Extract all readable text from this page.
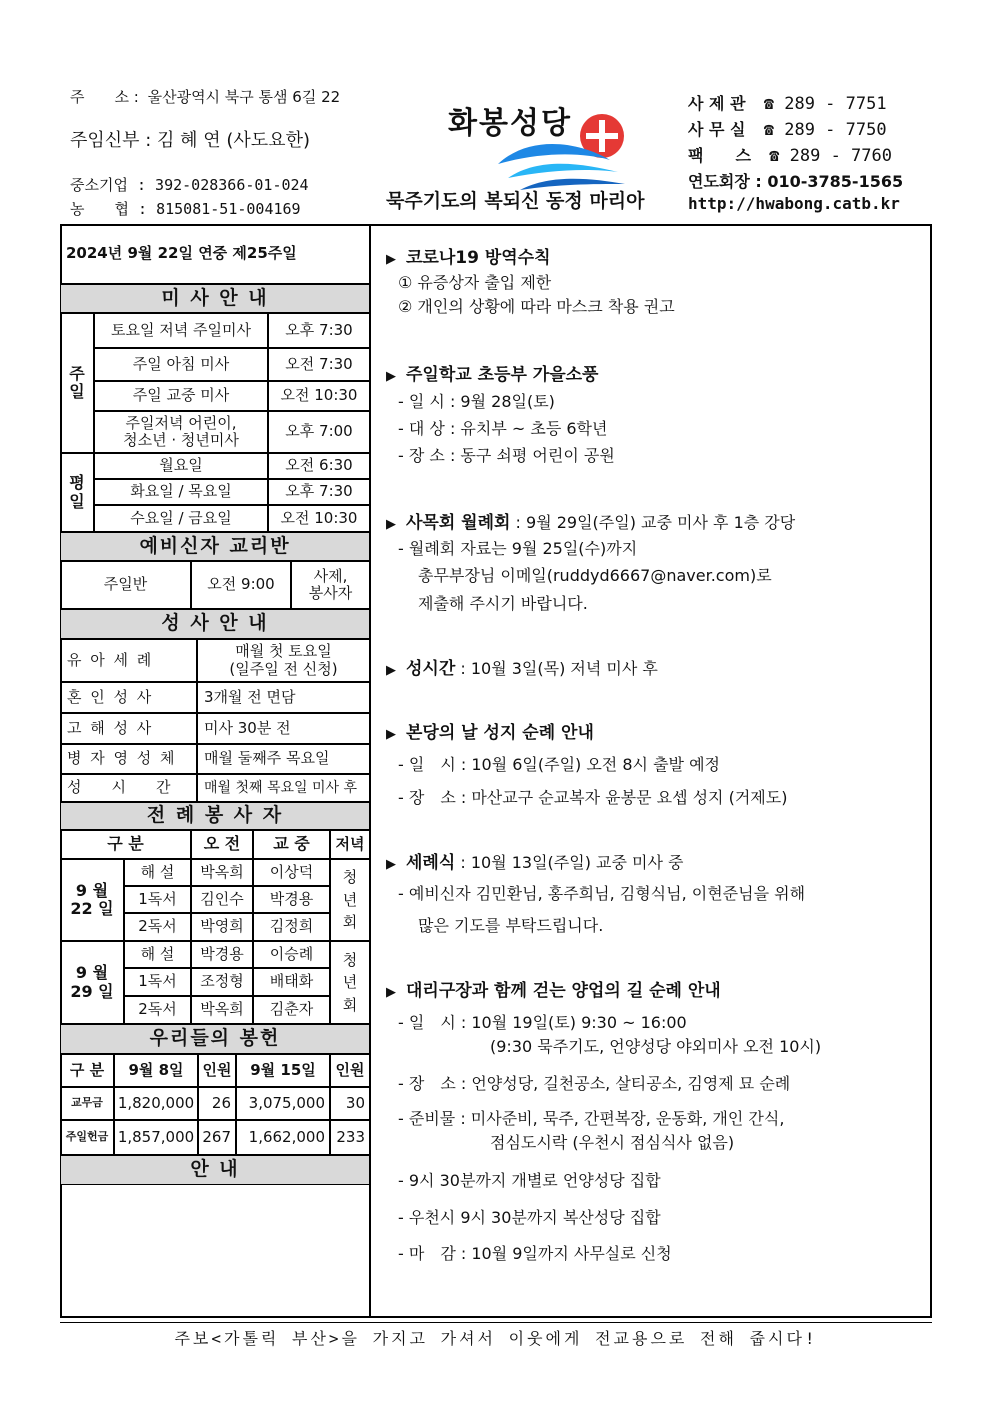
주　　소 : 울산광역시 북구 통샘 6길 22
주임신부 : 김 혜 연 (사도요한)
중소기업 : 392-028366-01-024
농　　협 : 815081-51-004169
화봉성당
묵주기도의 복되신 동정 마리아
사 제 관 ☎ 289 - 7751
사 무 실 ☎ 289 - 7750
팩　　스 ☎ 289 - 7760
연도회장 : 010-3785-1565
http://hwabong.catb.kr
2024년 9월 22일 연중 제25주일
미 사 안 내
주
일
토요일 저녁 주일미사	오후 7:30
주일 아침 미사	오전 7:30
주일 교중 미사	오전 10:30
주일저녁 어린이,
청소년 · 청년미사	오후 7:00
평
일
월요일	오전 6:30
화요일 / 목요일	오후 7:30
수요일 / 금요일	오전 10:30
예비신자 교리반
주일반	오전 9:00	사제,
봉사자
성 사 안 내
유 아 세 례	매월 첫 토요일
(일주일 전 신청)
혼 인 성 사	3개월 전 면담
고 해 성 사	미사 30분 전
병 자 영 성 체	매월 둘째주 목요일
성　　시　　간	매월 첫째 목요일 미사 후
전 례 봉 사 자
구 분	오 전	교 중	저녁
9 월
22 일
해 설	박옥희	이상덕
1독서	김인수	박경용
2독서	박영희	김정희
청
년
회
9 월
29 일
해 설	박경용	이승례
1독서	조정형	배태화
2독서	박옥희	김춘자
청
년
회
우리들의 봉헌
구 분	9월 8일	인원	9월 15일	인원
교무금 1,820,000	26	3,075,000	30
주일헌금 1,857,000 267	1,662,000 233
안 내
▶ 코로나19 방역수칙
① 유증상자 출입 제한
② 개인의 상황에 따라 마스크 착용 권고
▶ 주일학교 초등부 가을소풍
- 일 시 : 9월 28일(토)
- 대 상 : 유치부 ~ 초등 6학년
- 장 소 : 동구 쇠평 어린이 공원
▶ 사목회 월례회 : 9월 29일(주일) 교중 미사 후 1층 강당
- 월례회 자료는 9월 25일(수)까지
총무부장님 이메일(ruddyd6667@naver.com)로
제출해 주시기 바랍니다.
▶ 성시간 : 10월 3일(목) 저녁 미사 후
▶ 본당의 날 성지 순례 안내
- 일　시 : 10월 6일(주일) 오전 8시 출발 예정
- 장　소 : 마산교구 순교복자 윤봉문 요셉 성지 (거제도)
▶ 세례식 : 10월 13일(주일) 교중 미사 중
- 예비신자 김민환님, 홍주희님, 김형식님, 이현준님을 위해
많은 기도를 부탁드립니다.
▶ 대리구장과 함께 걷는 양업의 길 순례 안내
- 일　시 : 10월 19일(토) 9:30 ~ 16:00
(9:30 묵주기도, 언양성당 야외미사 오전 10시)
- 장　소 : 언양성당, 길천공소, 살티공소, 김영제 묘 순례
- 준비물 : 미사준비, 묵주, 간편복장, 운동화, 개인 간식,
점심도시락 (우천시 점심식사 없음)
- 9시 30분까지 개별로 언양성당 집합
- 우천시 9시 30분까지 복산성당 집합
- 마　감 : 10월 9일까지 사무실로 신청
주보<가톨릭 부산>을 가지고 가셔서 이웃에게 전교용으로 전해 줍시다!
